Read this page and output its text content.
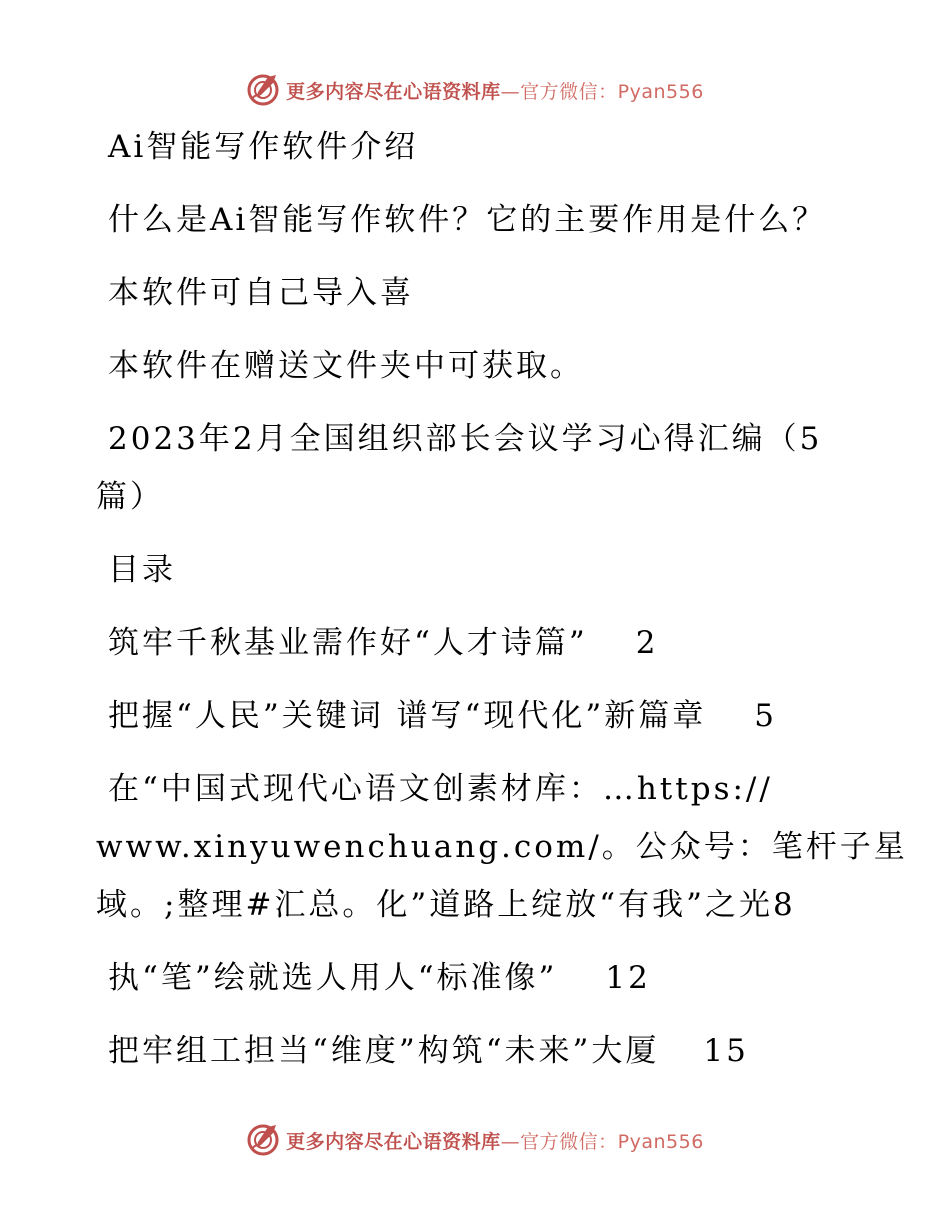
更多内容尽在心语资料库—官方微信：Pyan556

Ai智能写作软件介绍

什么是Ai智能写作软件？它的主要作用是什么？

本软件可自己导入喜

本软件在赠送文件夹中可获取。

2023年2月全国组织部长会议学习心得汇编（5

篇）

目录

筑牢千秋基业需作好“人才诗篇” 2
把握“人民”关键词 谱写“现代化”新篇章 5

在“中国式现代心语文创素材库：…https://

www.xinyuwenchuang.com/。公众号：笔杆子星

域。;整理#汇总。化”道路上绽放“有我”之光 8
执“笔”绘就选人用人“标准像” 12
把牢组工担当“维度”构筑“未来”大厦 15
更多内容尽在心语资料库—官方微信：Pyan556
